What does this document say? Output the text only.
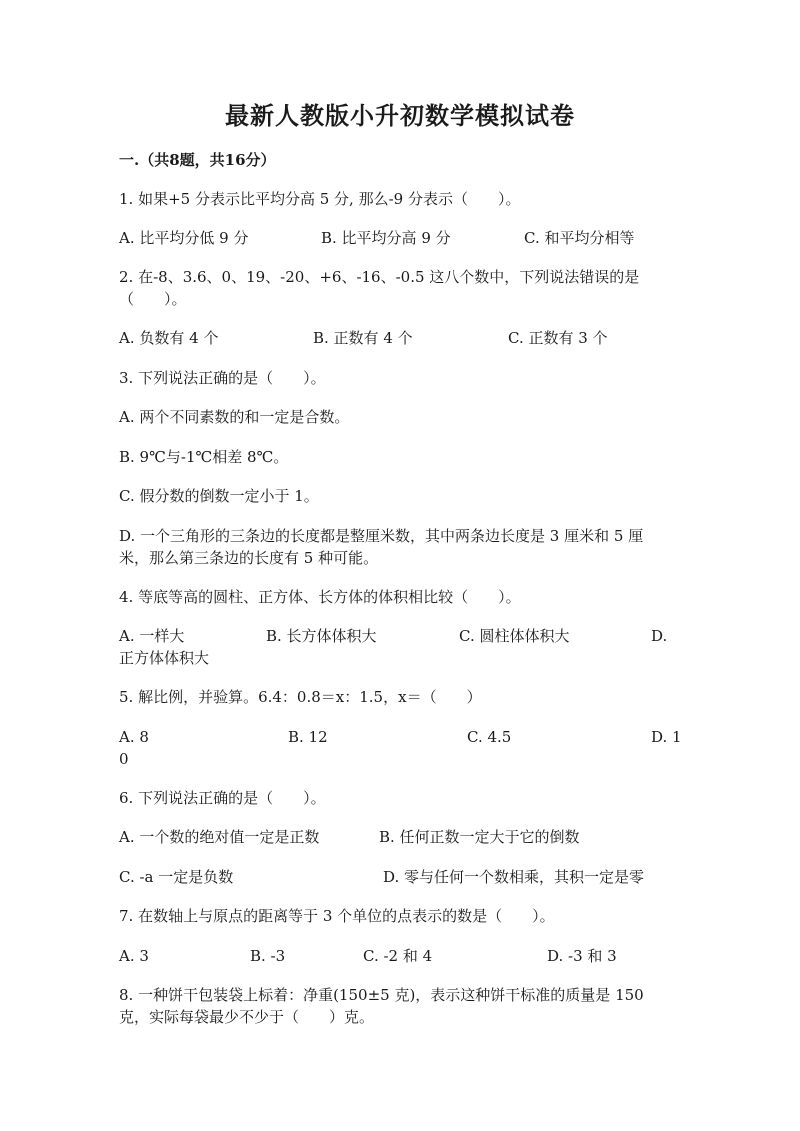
最新人教版小升初数学模拟试卷
一.（共8题，共16分）
1. 如果+5 分表示比平均分高 5 分, 那么-9 分表示（　　）。
A. 比平均分低 9 分	B. 比平均分高 9 分	C. 和平均分相等
2. 在-8、3.6、0、19、-20、+6、-16、-0.5 这八个数中，下列说法错误的是
（　　）。
A. 负数有 4 个	B. 正数有 4 个	C. 正数有 3 个
3. 下列说法正确的是（　　）。
A. 两个不同素数的和一定是合数。
B. 9℃与-1℃相差 8℃。
C. 假分数的倒数一定小于 1。
D. 一个三角形的三条边的长度都是整厘米数，其中两条边长度是 3 厘米和 5 厘
米，那么第三条边的长度有 5 种可能。
4. 等底等高的圆柱、正方体、长方体的体积相比较（　　）。
A. 一样大	B. 长方体体积大	C. 圆柱体体积大	D.
正方体体积大
5. 解比例，并验算。6.4：0.8＝x：1.5，x＝（　　）
A. 8	B. 12	C. 4.5	D. 1
0
6. 下列说法正确的是（　　）。
A. 一个数的绝对值一定是正数	B. 任何正数一定大于它的倒数
C. -a 一定是负数	D. 零与任何一个数相乘，其积一定是零
7. 在数轴上与原点的距离等于 3 个单位的点表示的数是（　　）。
A. 3	B. -3	C. -2 和 4	D. -3 和 3
8. 一种饼干包装袋上标着：净重(150±5 克)，表示这种饼干标准的质量是 150
克，实际每袋最少不少于（　　）克。
